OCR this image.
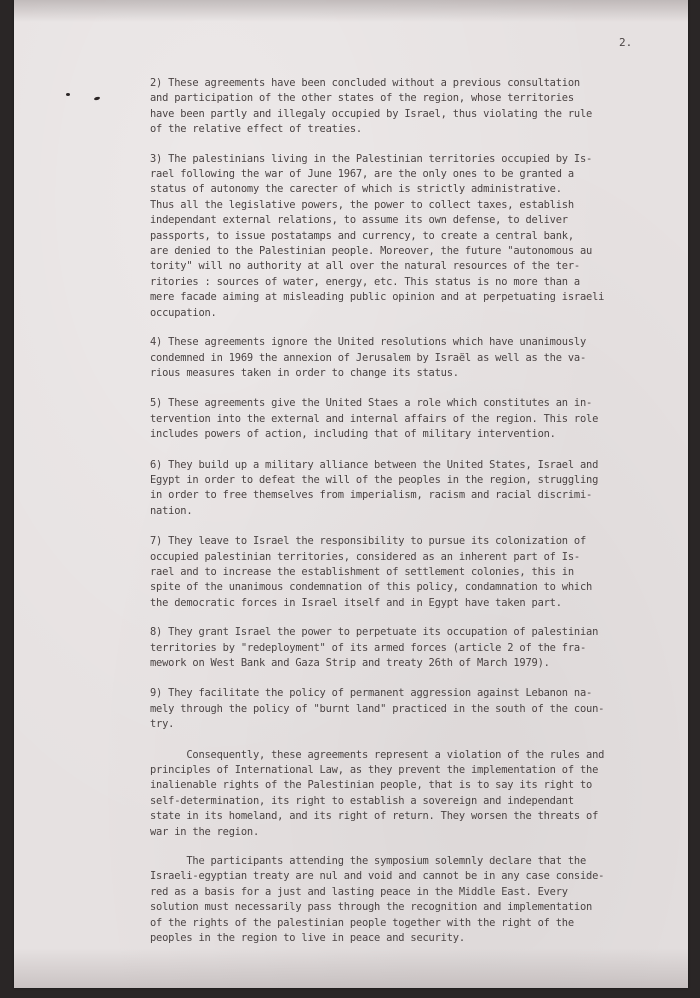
2.
2) These agreements have been concluded without a previous consultation
and participation of the other states of the region, whose territories
have been partly and illegaly occupied by Israel, thus violating the rule
of the relative effect of treaties.
3) The palestinians living in the Palestinian territories occupied by Is-
rael following the war of June 1967, are the only ones to be granted a
status of autonomy the carecter of which is strictly administrative.
Thus all the legislative powers, the power to collect taxes, establish
independant external relations, to assume its own defense, to deliver
passports, to issue postatamps and currency, to create a central bank,
are denied to the Palestinian people. Moreover, the future "autonomous au
tority" will no authority at all over the natural resources of the ter-
ritories : sources of water, energy, etc. This status is no more than a
mere facade aiming at misleading public opinion and at perpetuating israeli
occupation.
4) These agreements ignore the United resolutions which have unanimously
condemned in 1969 the annexion of Jerusalem by Israël as well as the va-
rious measures taken in order to change its status.
5) These agreements give the United Staes a role which constitutes an in-
tervention into the external and internal affairs of the region. This role
includes powers of action, including that of military intervention.
6) They build up a military alliance between the United States, Israel and
Egypt in order to defeat the will of the peoples in the region, struggling
in order to free themselves from imperialism, racism and racial discrimi-
nation.
7) They leave to Israel the responsibility to pursue its colonization of
occupied palestinian territories, considered as an inherent part of Is-
rael and to increase the establishment of settlement colonies, this in
spite of the unanimous condemnation of this policy, condamnation to which
the democratic forces in Israel itself and in Egypt have taken part.
8) They grant Israel the power to perpetuate its occupation of palestinian
territories by "redeployment" of its armed forces (article 2 of the fra-
mework on West Bank and Gaza Strip and treaty 26th of March 1979).
9) They facilitate the policy of permanent aggression against Lebanon na-
mely through the policy of "burnt land" practiced in the south of the coun-
try.
Consequently, these agreements represent a violation of the rules and
principles of International Law, as they prevent the implementation of the
inalienable rights of the Palestinian people, that is to say its right to
self-determination, its right to establish a sovereign and independant
state in its homeland, and its right of return. They worsen the threats of
war in the region.
The participants attending the symposium solemnly declare that the
Israeli-egyptian treaty are nul and void and cannot be in any case conside-
red as a basis for a just and lasting peace in the Middle East. Every
solution must necessarily pass through the recognition and implementation
of the rights of the palestinian people together with the right of the
peoples in the region to live in peace and security.
